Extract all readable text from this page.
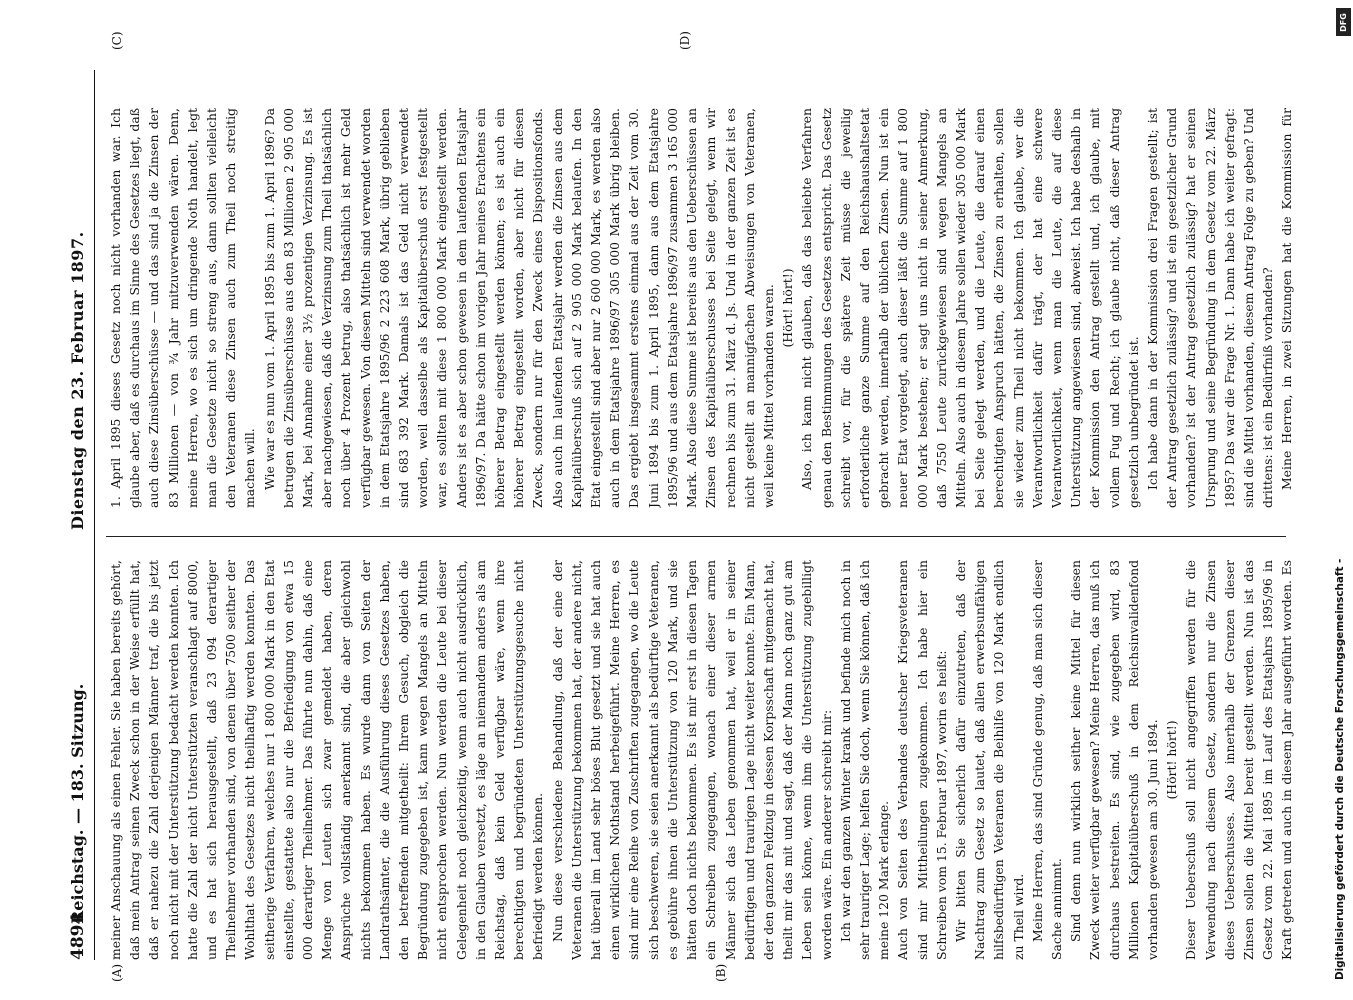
4894
Reichstag. — 183. Sitzung.
Dienstag den 23. Februar 1897.
(A)	(B)
(C)	(D)

meiner Anschauung als einen Fehler. Sie haben bereits gehört, daß mein Antrag seinen Zweck schon in der Weise erfüllt hat, daß er nahezu die Zahl derjenigen Männer traf, die bis jetzt noch nicht mit der Unterstützung bedacht werden konnten. Ich hatte die Zahl der nicht Unterstützten veranschlagt auf 8000, und es hat sich herausgestellt, daß 23 094 derartiger Theilnehmer vorhanden sind, von denen über 7500 seither der Wohlthat des Gesetzes nicht theilhaftig werden konnten. Das seitherige Verfahren, welches nur 1 800 000 Mark in den Etat einstellte, gestattete also nur die Befriedigung von etwa 15 000 derartiger Theilnehmer. Das führte nun dahin, daß eine Menge von Leuten sich zwar gemeldet haben, deren Ansprüche vollständig anerkannt sind, die aber gleichwohl nichts bekommen haben. Es wurde dann von Seiten der Landrathsämter, die die Ausführung dieses Gesetzes haben, den betreffenden mitgetheilt: Ihrem Gesuch, obgleich die Begründung zugegeben ist, kann wegen Mangels an Mitteln nicht entsprochen werden. Nun werden die Leute bei dieser Gelegenheit noch gleichzeitig, wenn auch nicht ausdrücklich, in den Glauben versetzt, es läge an niemandem anders als am Reichstag, daß kein Geld verfügbar wäre, wenn ihre berechtigten und begründeten Unterstützungsgesuche nicht befriedigt werden können. Nun diese verschiedene Behandlung, daß der eine der Veteranen die Unterstützung bekommen hat, der andere nicht, hat überall im Land sehr böses Blut gesetzt und sie hat auch einen wirklichen Nothstand herbeigeführt. Meine Herren, es sind mir eine Reihe von Zuschriften zugegangen, wo die Leute sich beschweren, sie seien anerkannt als bedürftige Veteranen, es gebühre ihnen die Unterstützung von 120 Mark, und sie hätten doch nichts bekommen. Es ist mir erst in diesen Tagen ein Schreiben zugegangen, wonach einer dieser armen Männer sich das Leben genommen hat, weil er in seiner bedürftigen und traurigen Lage nicht weiter konnte. Ein Mann, der den ganzen Feldzug in dessen Korpsschaft mitgemacht hat, theilt mir das mit und sagt, daß der Mann noch ganz gut am Leben sein könne, wenn ihm die Unterstützung zugebilligt worden wäre. Ein anderer schreibt mir: Ich war den ganzen Winter krank und befinde mich noch in sehr trauriger Lage; helfen Sie doch, wenn Sie können, daß ich meine 120 Mark erlange. Auch von Seiten des Verbandes deutscher Kriegsveteranen sind mir Mittheilungen zugekommen. Ich habe hier ein Schreiben vom 15. Februar 1897, worin es heißt: Wir bitten Sie sicherlich dafür einzutreten, daß der Nachtrag zum Gesetz so lautet, daß allen erwerbsunfähigen hilfsbedürftigen Veteranen die Beihilfe von 120 Mark endlich zu Theil wird. Meine Herren, das sind Gründe genug, daß man sich dieser Sache annimmt. Sind denn nun wirklich seither keine Mittel für diesen Zweck weiter verfügbar gewesen? Meine Herren, das muß ich durchaus bestreiten. Es sind, wie zugegeben wird, 83 Millionen Kapitalüberschuß in dem Reichsinvalidenfond vorhanden gewesen am 30. Juni 1894. (Hört! hört!)

Dieser Ueberschuß soll nicht angegriffen werden für die Verwendung nach diesem Gesetz, sondern nur die Zinsen dieses Ueberschusses. Also innerhalb der Grenzen dieser Zinsen sollen die Mittel bereit gestellt werden. Nun ist das Gesetz vom 22. Mai 1895 im Lauf des Etatsjahrs 1895/96 in Kraft getreten und auch in diesem Jahr ausgeführt worden. Es

1. April 1895 dieses Gesetz noch nicht vorhanden war. Ich glaube aber, daß es durchaus im Sinne des Gesetzes liegt, daß auch diese Zinsüberschüsse — und das sind ja die Zinsen der 83 Millionen — von ¾ Jahr mitzuverwenden wären. Denn, meine Herren, wo es sich um dringende Noth handelt, legt man die Gesetze nicht so streng aus, dann sollten vielleicht den Veteranen diese Zinsen auch zum Theil noch streitig machen will. Wie war es nun vom 1. April 1895 bis zum 1. April 1896? Da betrugen die Zinsüberschüsse aus den 83 Millionen 2 905 000 Mark, bei Annahme einer 3½ prozentigen Verzinsung. Es ist aber nachgewiesen, daß die Verzinsung zum Theil thatsächlich noch über 4 Prozent betrug, also thatsächlich ist mehr Geld verfügbar gewesen. Von diesen Mitteln sind verwendet worden in dem Etatsjahre 1895/96 2 223 608 Mark, übrig geblieben sind 683 392 Mark. Damals ist das Geld nicht verwendet worden, weil dasselbe als Kapitalüberschuß erst festgestellt war, es sollten mit diese 1 800 000 Mark eingestellt werden. Anders ist es aber schon gewesen in dem laufenden Etatsjahr 1896/97. Da hätte schon im vorigen Jahr meines Erachtens ein höherer Betrag eingestellt werden können; es ist auch ein höherer Betrag eingestellt worden, aber nicht für diesen Zweck, sondern nur für den Zweck eines Dispositionsfonds. Also auch im laufenden Etatsjahr werden die Zinsen aus dem Kapitalüberschuß sich auf 2 905 000 Mark belaufen. In den Etat eingestellt sind aber nur 2 600 000 Mark, es werden also auch in dem Etatsjahre 1896/97 305 000 Mark übrig bleiben. Das ergiebt insgesammt erstens einmal aus der Zeit vom 30. Juni 1894 bis zum 1. April 1895, dann aus dem Etatsjahre 1895/96 und aus dem Etatsjahre 1896/97 zusammen 3 165 000 Mark. Also diese Summe ist bereits aus den Ueberschüssen an Zinsen des Kapitalüberschusses bei Seite gelegt, wenn wir rechnen bis zum 31. März d. Js. Und in der ganzen Zeit ist es nicht gestellt an mannigfachen Abweisungen von Veteranen, weil keine Mittel vorhanden waren. (Hört! hört!) Also, ich kann nicht glauben, daß das beliebte Verfahren genau den Bestimmungen des Gesetzes entspricht. Das Gesetz schreibt vor, für die spätere Zeit müsse die jeweilig erforderliche ganze Summe auf den Reichshaushaltsetat gebracht werden, innerhalb der üblichen Zinsen. Nun ist ein neuer Etat vorgelegt, auch dieser läßt die Summe auf 1 800 000 Mark bestehen; er sagt uns nicht in seiner Anmerkung, daß 7550 Leute zurückgewiesen sind wegen Mangels an Mitteln. Also auch in diesem Jahre sollen wieder 305 000 Mark bei Seite gelegt werden, und die Leute, die darauf einen berechtigten Anspruch hätten, die Zinsen zu erhalten, sollen sie wieder zum Theil nicht bekommen. Ich glaube, wer die Verantwortlichkeit dafür trägt, der hat eine schwere Verantwortlichkeit, wenn man die Leute, die auf diese Unterstützung angewiesen sind, abweist. Ich habe deshalb in der Kommission den Antrag gestellt und, ich glaube, mit vollem Fug und Recht; ich glaube nicht, daß dieser Antrag gesetzlich unbegründet ist. Ich habe dann in der Kommission drei Fragen gestellt; ist der Antrag gesetzlich zulässig? und ist ein gesetzlicher Grund vorhanden? ist der Antrag gesetzlich zulässig? hat er seinen Ursprung und seine Begründung in dem Gesetz vom 22. März 1895? Das war die Frage Nr. 1. Dann habe ich weiter gefragt: sind die Mittel vorhanden, diesem Antrag Folge zu geben? Und drittens: ist ein Bedürfniß vorhanden? Meine Herren, in zwei Sitzungen hat die Kommission für

DFG
Digitalisierung gefördert durch die Deutsche Forschungsgemeinschaft -
